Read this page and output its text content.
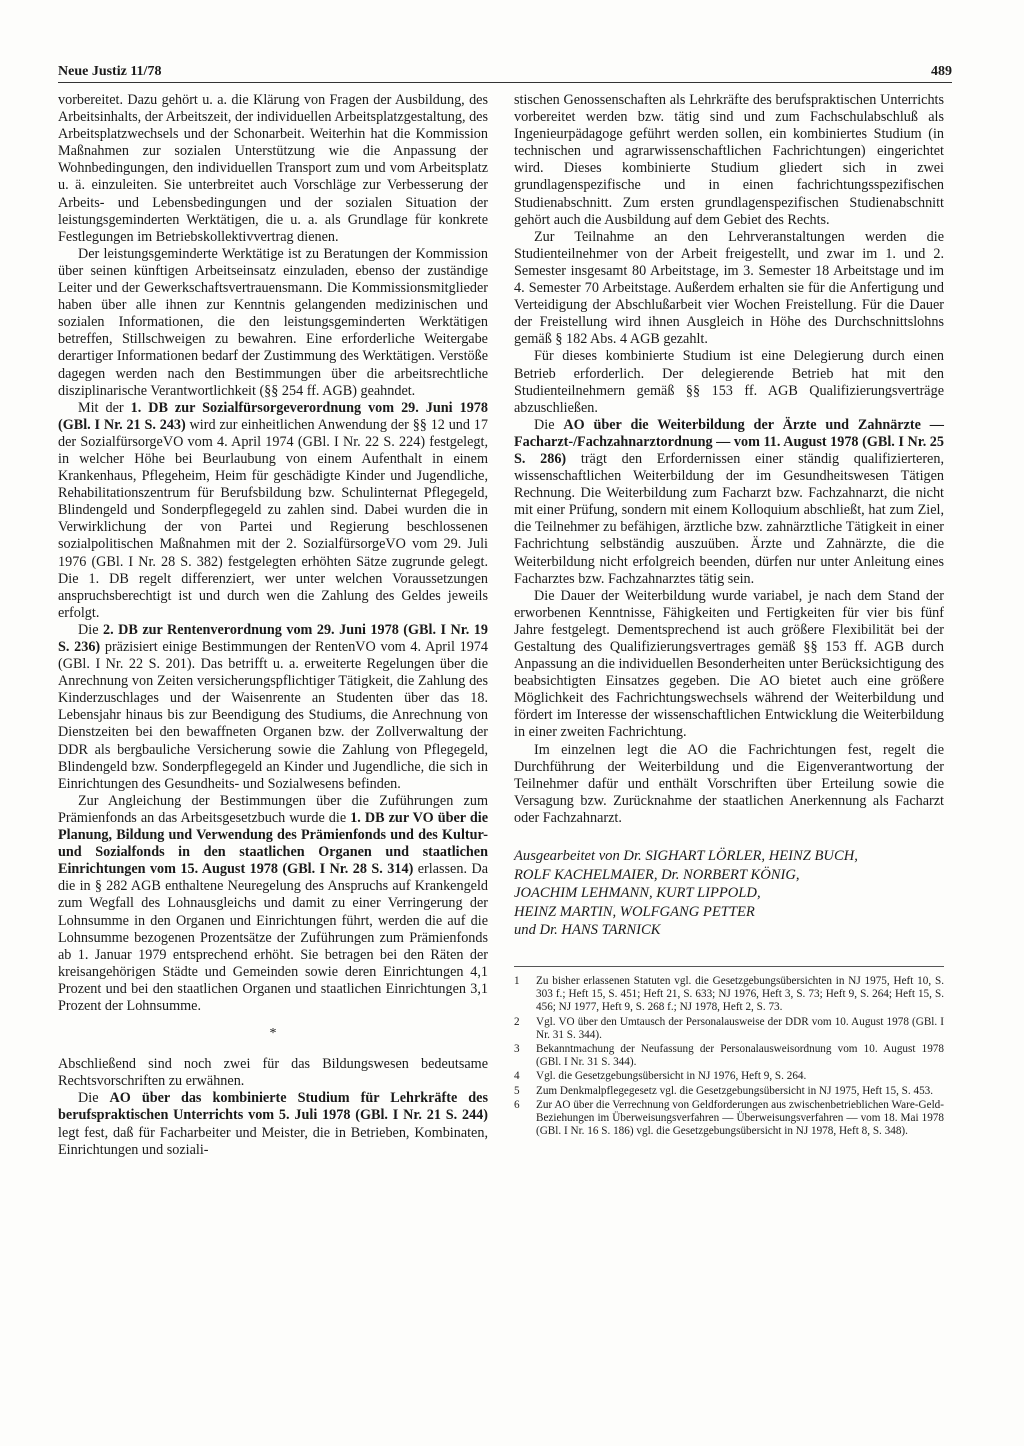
Neue Justiz 11/78	489

vorbereitet. Dazu gehört u. a. die Klärung von Fragen der Ausbildung, des Arbeitsinhalts, der Arbeitszeit, der individuellen Arbeitsplatzgestaltung, des Arbeitsplatzwechsels und der Schonarbeit. Weiterhin hat die Kommission Maßnahmen zur sozialen Unterstützung wie die Anpassung der Wohnbedingungen, den individuellen Transport zum und vom Arbeitsplatz u. ä. einzuleiten. Sie unterbreitet auch Vorschläge zur Verbesserung der Arbeits- und Lebensbedingungen und der sozialen Situation der leistungsgeminderten Werktätigen, die u. a. als Grundlage für konkrete Festlegungen im Betriebskollektivvertrag dienen.

Der leistungsgeminderte Werktätige ist zu Beratungen der Kommission über seinen künftigen Arbeitseinsatz einzuladen, ebenso der zuständige Leiter und der Gewerkschaftsvertrauensmann. Die Kommissionsmitglieder haben über alle ihnen zur Kenntnis gelangenden medizinischen und sozialen Informationen, die den leistungsgeminderten Werktätigen betreffen, Stillschweigen zu bewahren. Eine erforderliche Weitergabe derartiger Informationen bedarf der Zustimmung des Werktätigen. Verstöße dagegen werden nach den Bestimmungen über die arbeitsrechtliche disziplinarische Verantwortlichkeit (§§ 254 ff. AGB) geahndet.

Mit der 1. DB zur Sozialfürsorgeverordnung vom 29. Juni 1978 (GBl. I Nr. 21 S. 243) wird zur einheitlichen Anwendung der §§ 12 und 17 der SozialfürsorgeVO vom 4. April 1974 (GBl. I Nr. 22 S. 224) festgelegt, in welcher Höhe bei Beurlaubung von einem Aufenthalt in einem Krankenhaus, Pflegeheim, Heim für geschädigte Kinder und Jugendliche, Rehabilitationszentrum für Berufsbildung bzw. Schulinternat Pflegegeld, Blindengeld und Sonderpflegegeld zu zahlen sind. Dabei wurden die in Verwirklichung der von Partei und Regierung beschlossenen sozialpolitischen Maßnahmen mit der 2. SozialfürsorgeVO vom 29. Juli 1976 (GBl. I Nr. 28 S. 382) festgelegten erhöhten Sätze zugrunde gelegt. Die 1. DB regelt differenziert, wer unter welchen Voraussetzungen anspruchsberechtigt ist und durch wen die Zahlung des Geldes jeweils erfolgt.

Die 2. DB zur Rentenverordnung vom 29. Juni 1978 (GBl. I Nr. 19 S. 236) präzisiert einige Bestimmungen der RentenVO vom 4. April 1974 (GBl. I Nr. 22 S. 201). Das betrifft u. a. erweiterte Regelungen über die Anrechnung von Zeiten versicherungspflichtiger Tätigkeit, die Zahlung des Kinderzuschlages und der Waisenrente an Studenten über das 18. Lebensjahr hinaus bis zur Beendigung des Studiums, die Anrechnung von Dienstzeiten bei den bewaffneten Organen bzw. der Zollverwaltung der DDR als bergbauliche Versicherung sowie die Zahlung von Pflegegeld, Blindengeld bzw. Sonderpflegegeld an Kinder und Jugendliche, die sich in Einrichtungen des Gesundheits- und Sozialwesens befinden.

Zur Angleichung der Bestimmungen über die Zuführungen zum Prämienfonds an das Arbeitsgesetzbuch wurde die 1. DB zur VO über die Planung, Bildung und Verwendung des Prämienfonds und des Kultur- und Sozialfonds in den staatlichen Organen und staatlichen Einrichtungen vom 15. August 1978 (GBl. I Nr. 28 S. 314) erlassen. Da die in § 282 AGB enthaltene Neuregelung des Anspruchs auf Krankengeld zum Wegfall des Lohnausgleichs und damit zu einer Verringerung der Lohnsumme in den Organen und Einrichtungen führt, werden die auf die Lohnsumme bezogenen Prozentsätze der Zuführungen zum Prämienfonds ab 1. Januar 1979 entsprechend erhöht. Sie betragen bei den Räten der kreisangehörigen Städte und Gemeinden sowie deren Einrichtungen 4,1 Prozent und bei den staatlichen Organen und staatlichen Einrichtungen 3,1 Prozent der Lohnsumme.

*

Abschließend sind noch zwei für das Bildungswesen bedeutsame Rechtsvorschriften zu erwähnen.

Die AO über das kombinierte Studium für Lehrkräfte des berufspraktischen Unterrichts vom 5. Juli 1978 (GBl. I Nr. 21 S. 244) legt fest, daß für Facharbeiter und Meister, die in Betrieben, Kombinaten, Einrichtungen und soziali-

stischen Genossenschaften als Lehrkräfte des berufspraktischen Unterrichts vorbereitet werden bzw. tätig sind und zum Fachschulabschluß als Ingenieurpädagoge geführt werden sollen, ein kombiniertes Studium (in technischen und agrarwissenschaftlichen Fachrichtungen) eingerichtet wird. Dieses kombinierte Studium gliedert sich in zwei grundlagenspezifische und in einen fachrichtungsspezifischen Studienabschnitt. Zum ersten grundlagenspezifischen Studienabschnitt gehört auch die Ausbildung auf dem Gebiet des Rechts.

Zur Teilnahme an den Lehrveranstaltungen werden die Studienteilnehmer von der Arbeit freigestellt, und zwar im 1. und 2. Semester insgesamt 80 Arbeitstage, im 3. Semester 18 Arbeitstage und im 4. Semester 70 Arbeitstage. Außerdem erhalten sie für die Anfertigung und Verteidigung der Abschlußarbeit vier Wochen Freistellung. Für die Dauer der Freistellung wird ihnen Ausgleich in Höhe des Durchschnittslohns gemäß § 182 Abs. 4 AGB gezahlt.

Für dieses kombinierte Studium ist eine Delegierung durch einen Betrieb erforderlich. Der delegierende Betrieb hat mit den Studienteilnehmern gemäß §§ 153 ff. AGB Qualifizierungsverträge abzuschließen.

Die AO über die Weiterbildung der Ärzte und Zahnärzte — Facharzt-/Fachzahnarztordnung — vom 11. August 1978 (GBl. I Nr. 25 S. 286) trägt den Erfordernissen einer ständig qualifizierteren, wissenschaftlichen Weiterbildung der im Gesundheitswesen Tätigen Rechnung. Die Weiterbildung zum Facharzt bzw. Fachzahnarzt, die nicht mit einer Prüfung, sondern mit einem Kolloquium abschließt, hat zum Ziel, die Teilnehmer zu befähigen, ärztliche bzw. zahnärztliche Tätigkeit in einer Fachrichtung selbständig auszuüben. Ärzte und Zahnärzte, die die Weiterbildung nicht erfolgreich beenden, dürfen nur unter Anleitung eines Facharztes bzw. Fachzahnarztes tätig sein.

Die Dauer der Weiterbildung wurde variabel, je nach dem Stand der erworbenen Kenntnisse, Fähigkeiten und Fertigkeiten für vier bis fünf Jahre festgelegt. Dementsprechend ist auch größere Flexibilität bei der Gestaltung des Qualifizierungsvertrages gemäß §§ 153 ff. AGB durch Anpassung an die individuellen Besonderheiten unter Berücksichtigung des beabsichtigten Einsatzes gegeben. Die AO bietet auch eine größere Möglichkeit des Fachrichtungswechsels während der Weiterbildung und fördert im Interesse der wissenschaftlichen Entwicklung die Weiterbildung in einer zweiten Fachrichtung.

Im einzelnen legt die AO die Fachrichtungen fest, regelt die Durchführung der Weiterbildung und die Eigenverantwortung der Teilnehmer dafür und enthält Vorschriften über Erteilung sowie die Versagung bzw. Zurücknahme der staatlichen Anerkennung als Facharzt oder Fachzahnarzt.

Ausgearbeitet von Dr. SIGHART LÖRLER, HEINZ BUCH,
ROLF KACHELMAIER, Dr. NORBERT KÖNIG,
JOACHIM LEHMANN, KURT LIPPOLD,
HEINZ MARTIN, WOLFGANG PETTER
und Dr. HANS TARNICK
1	Zu bisher erlassenen Statuten vgl. die Gesetzgebungsübersichten in NJ 1975, Heft 10, S. 303 f.; Heft 15, S. 451; Heft 21, S. 633; NJ 1976, Heft 3, S. 73; Heft 9, S. 264; Heft 15, S. 456; NJ 1977, Heft 9, S. 268 f.; NJ 1978, Heft 2, S. 73.
2	Vgl. VO über den Umtausch der Personalausweise der DDR vom 10. August 1978 (GBl. I Nr. 31 S. 344).
3	Bekanntmachung der Neufassung der Personalausweisordnung vom 10. August 1978 (GBl. I Nr. 31 S. 344).
4	Vgl. die Gesetzgebungsübersicht in NJ 1976, Heft 9, S. 264.
5	Zum Denkmalpflegegesetz vgl. die Gesetzgebungsübersicht in NJ 1975, Heft 15, S. 453.
6	Zur AO über die Verrechnung von Geldforderungen aus zwischenbetrieblichen Ware-Geld-Beziehungen im Überweisungsverfahren — Überweisungsverfahren — vom 18. Mai 1978 (GBl. I Nr. 16 S. 186) vgl. die Gesetzgebungsübersicht in NJ 1978, Heft 8, S. 348).
